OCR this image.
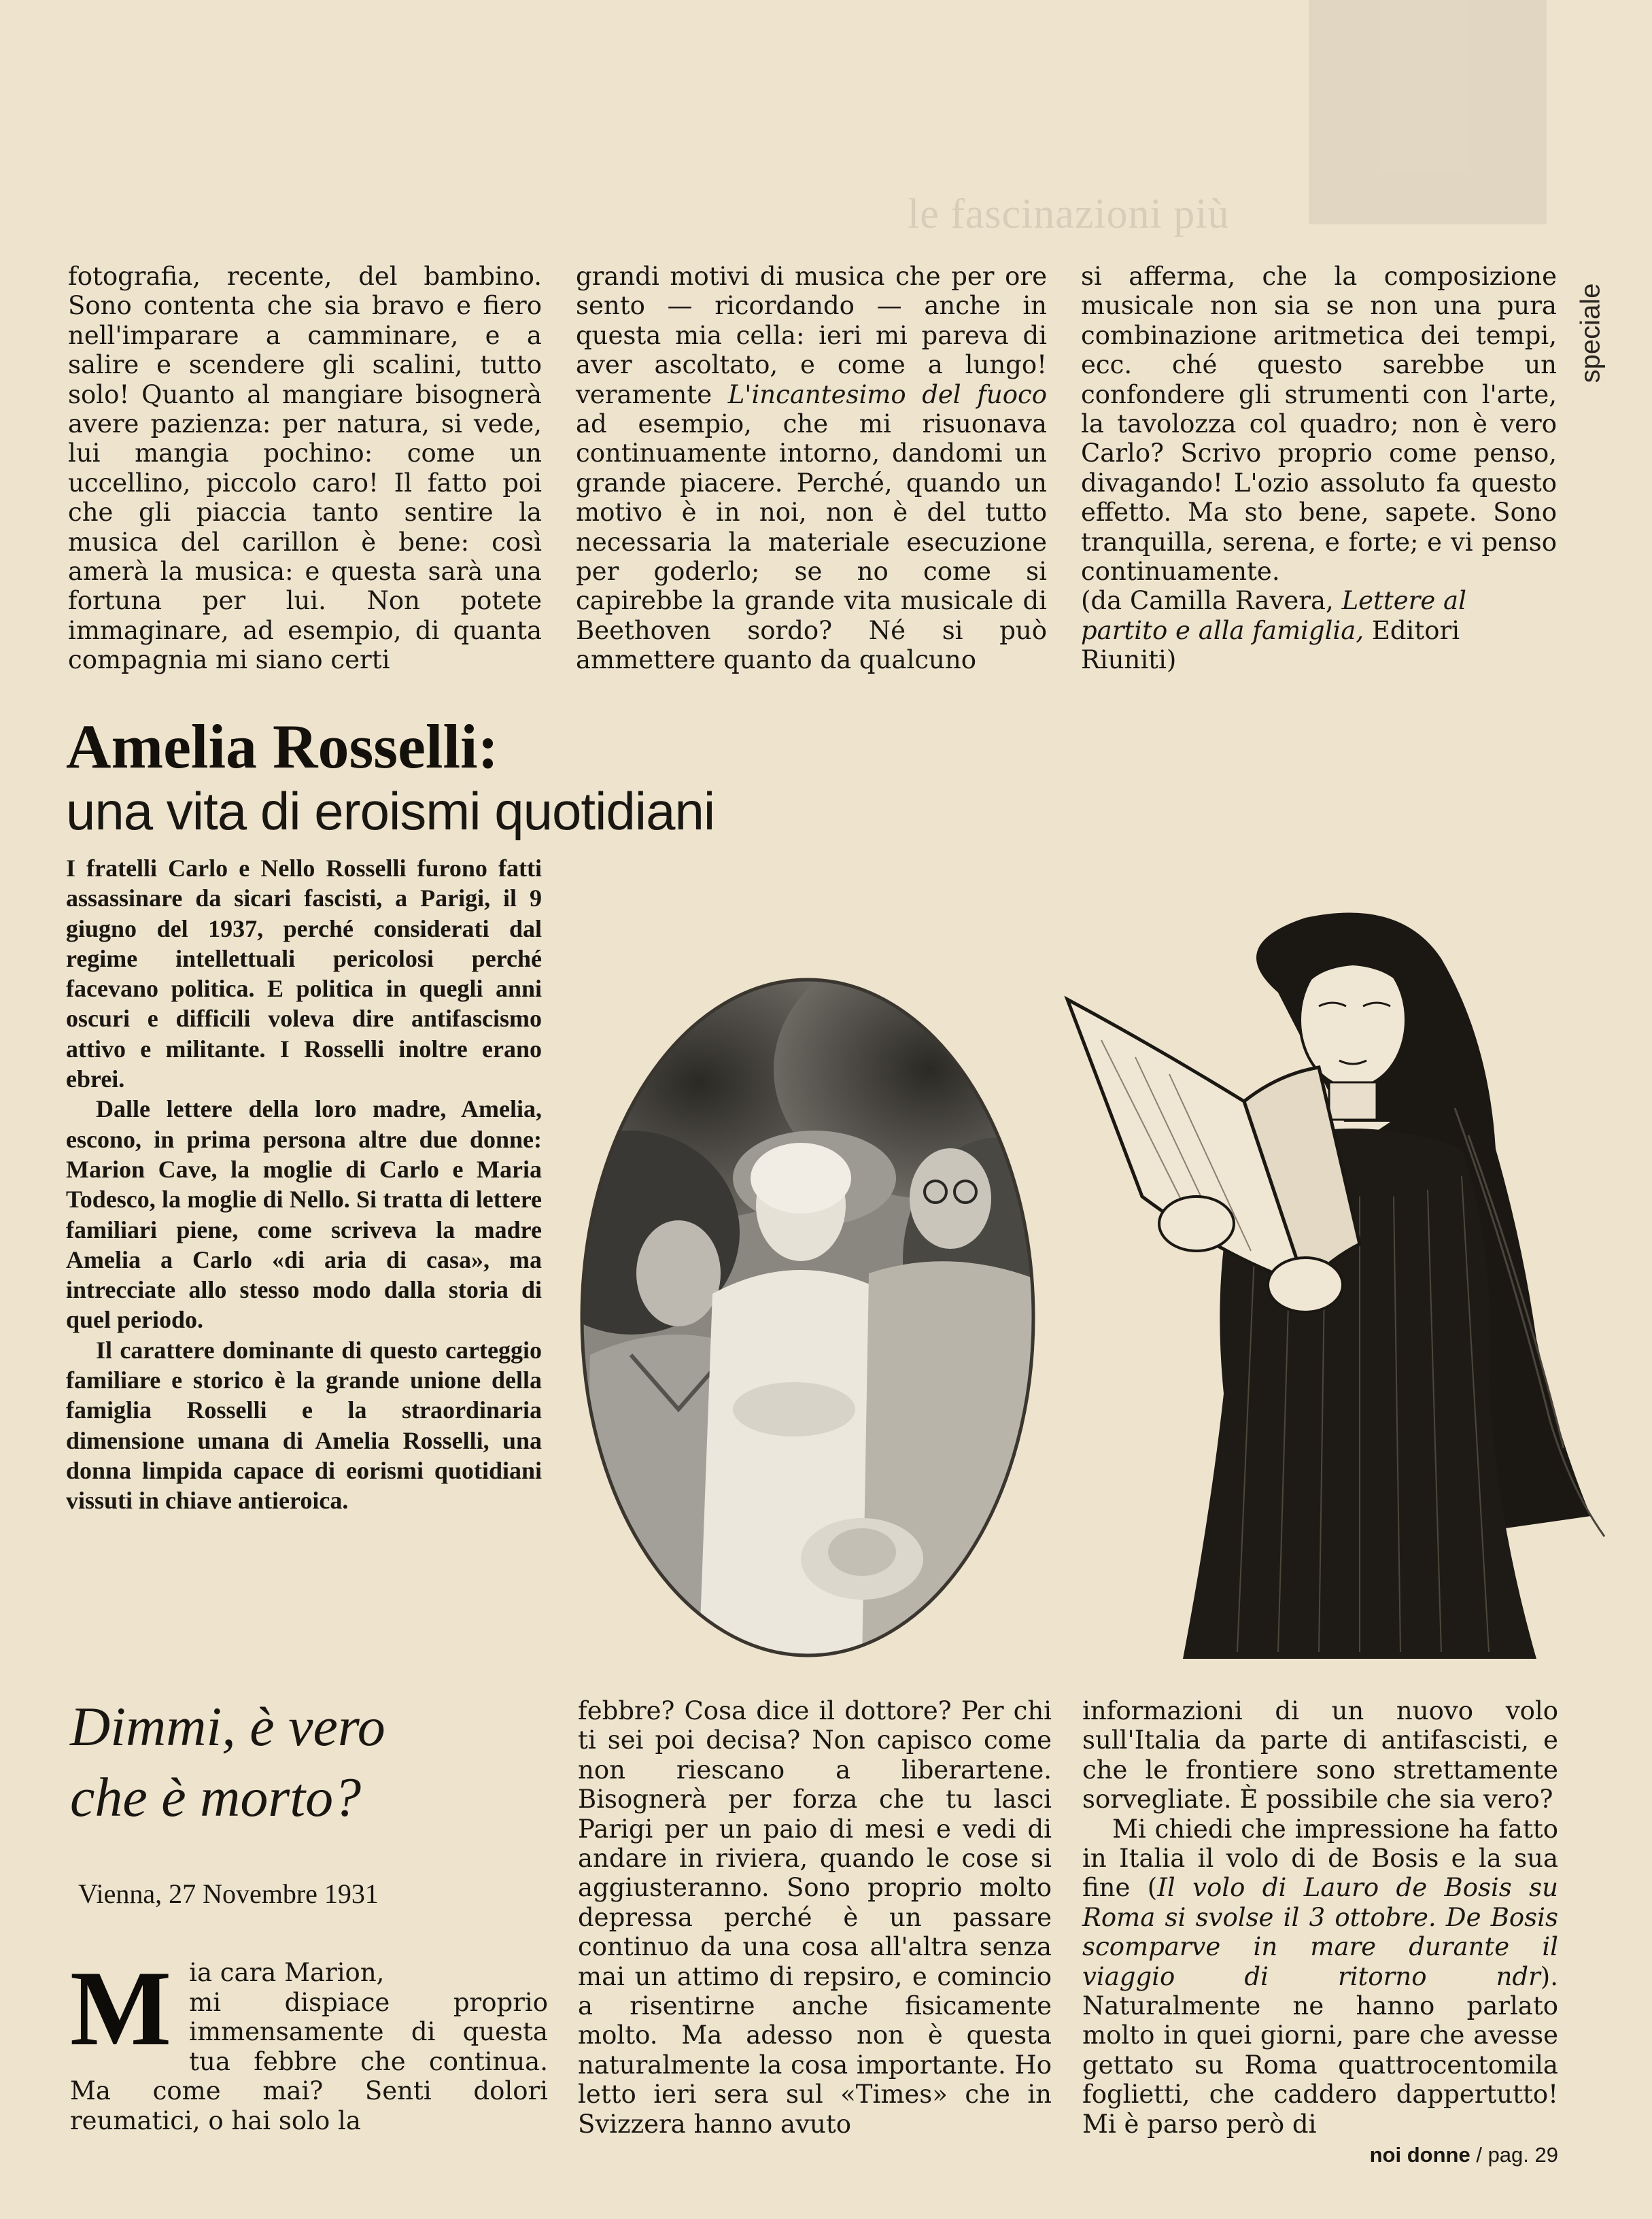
le fascinazioni più
speciale

fotografia, recente, del bambino. Sono contenta che sia bravo e fiero nell'imparare a camminare, e a salire e scendere gli scalini, tutto solo! Quanto al mangiare bisognerà avere pazienza: per natura, si vede, lui mangia pochino: come un uccellino, piccolo caro! Il fatto poi che gli piaccia tanto sentire la musica del carillon è bene: così amerà la musica: e questa sarà una fortuna per lui. Non potete immaginare, ad esempio, di quanta compagnia mi siano certi

grandi motivi di musica che per ore sento — ricordando — anche in questa mia cella: ieri mi pareva di aver ascoltato, e come a lungo! veramente L'incantesimo del fuoco ad esempio, che mi risuonava continuamente intorno, dandomi un grande piacere. Perché, quando un motivo è in noi, non è del tutto necessaria la materiale esecuzione per goderlo; se no come si capirebbe la grande vita musicale di Beethoven sordo? Né si può ammettere quanto da qualcuno

si afferma, che la composizione musicale non sia se non una pura combinazione aritmetica dei tempi, ecc. ché questo sarebbe un confondere gli strumenti con l'arte, la tavolozza col quadro; non è vero Carlo? Scrivo proprio come penso, divagando! L'ozio assoluto fa questo effetto. Ma sto bene, sapete. Sono tranquilla, serena, e forte; e vi penso continuamente.

(da Camilla Ravera, Lettere al partito e alla famiglia, Editori Riuniti)

Amelia Rosselli:
una vita di eroismi quotidiani

I fratelli Carlo e Nello Rosselli furono fatti assassinare da sicari fascisti, a Parigi, il 9 giugno del 1937, perché considerati dal regime intellettuali pericolosi perché facevano politica. E politica in quegli anni oscuri e difficili voleva dire antifascismo attivo e militante. I Rosselli inoltre erano ebrei.

Dalle lettere della loro madre, Amelia, escono, in prima persona altre due donne: Marion Cave, la moglie di Carlo e Maria Todesco, la moglie di Nello. Si tratta di lettere familiari piene, come scriveva la madre Amelia a Carlo «di aria di casa», ma intrecciate allo stesso modo dalla storia di quel periodo.

Il carattere dominante di questo carteggio familiare e storico è la grande unione della famiglia Rosselli e la straordinaria dimensione umana di Amelia Rosselli, una donna limpida capace di eorismi quotidiani vissuti in chiave antieroica.

Dimmi, è vero
che è morto?
Vienna, 27 Novembre 1931
M ia cara Marion,
mi dispiace proprio immensamente di questa tua febbre che continua. Ma come mai? Senti dolori reumatici, o hai solo la

febbre? Cosa dice il dottore? Per chi ti sei poi decisa? Non capisco come non riescano a liberartene. Bisognerà per forza che tu lasci Parigi per un paio di mesi e vedi di andare in riviera, quando le cose si aggiusteranno. Sono proprio molto depressa perché è un passare continuo da una cosa all'altra senza mai un attimo di repsiro, e comincio a risentirne anche fisicamente molto. Ma adesso non è questa naturalmente la cosa importante. Ho letto ieri sera sul «Times» che in Svizzera hanno avuto

informazioni di un nuovo volo sull'Italia da parte di antifascisti, e che le frontiere sono strettamente sorvegliate. È possibile che sia vero?

Mi chiedi che impressione ha fatto in Italia il volo di de Bosis e la sua fine (Il volo di Lauro de Bosis su Roma si svolse il 3 ottobre. De Bosis scomparve in mare durante il viaggio di ritorno ndr). Naturalmente ne hanno parlato molto in quei giorni, pare che avesse gettato su Roma quattrocentomila foglietti, che caddero dappertutto! Mi è parso però di

noi donne / pag. 29
